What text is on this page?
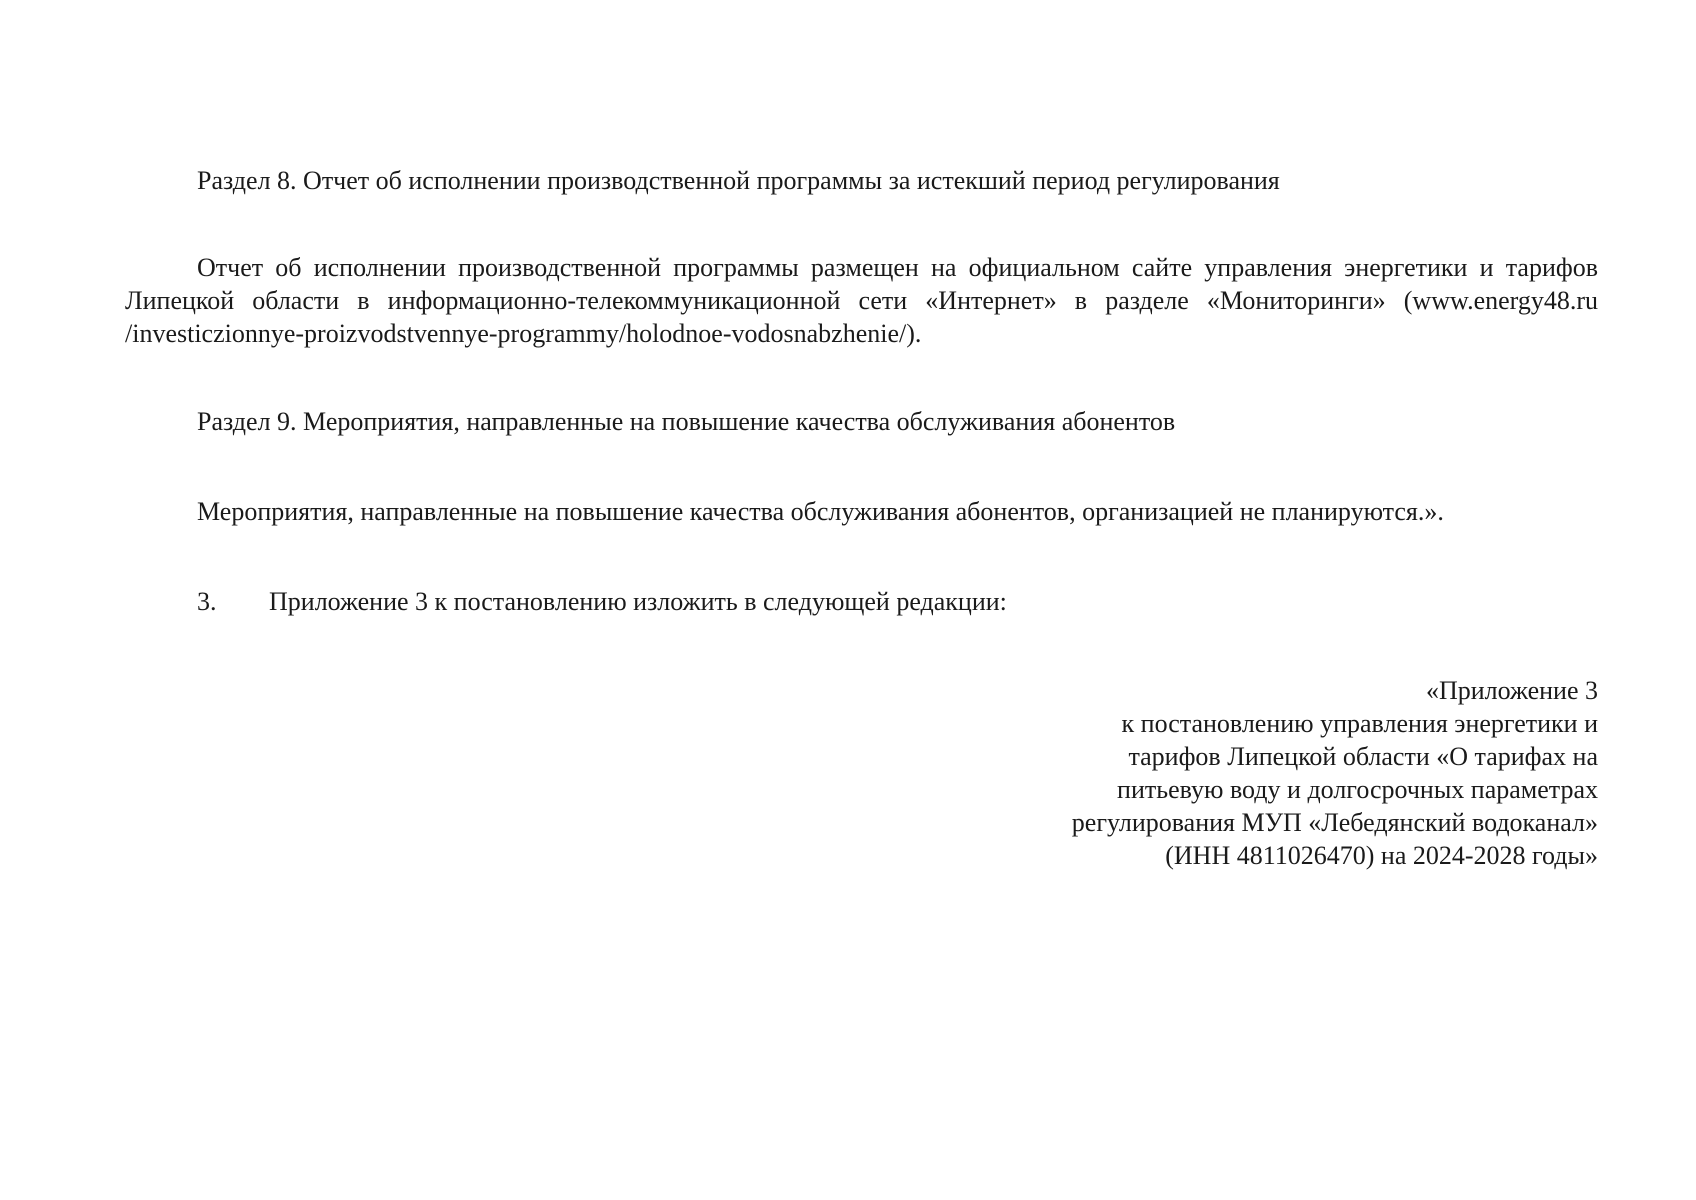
Раздел 8. Отчет об исполнении производственной программы за истекший период регулирования

Отчет об исполнении производственной программы размещен на официальном сайте управления энергетики и тарифов Липецкой области в информационно-телекоммуникационной сети «Интернет» в разделе «Мониторинги» (www.energy48.ru /investiczionnye-proizvodstvennye-programmy/holodnoe-vodosnabzhenie/).

Раздел 9. Мероприятия, направленные на повышение качества обслуживания абонентов

Мероприятия, направленные на повышение качества обслуживания абонентов, организацией не планируются.».

3. Приложение 3 к постановлению изложить в следующей редакции:

«Приложение 3
к постановлению управления энергетики и
тарифов Липецкой области «О тарифах на
питьевую воду и долгосрочных параметрах
регулирования МУП «Лебедянский водоканал»
(ИНН 4811026470) на 2024-2028 годы»
